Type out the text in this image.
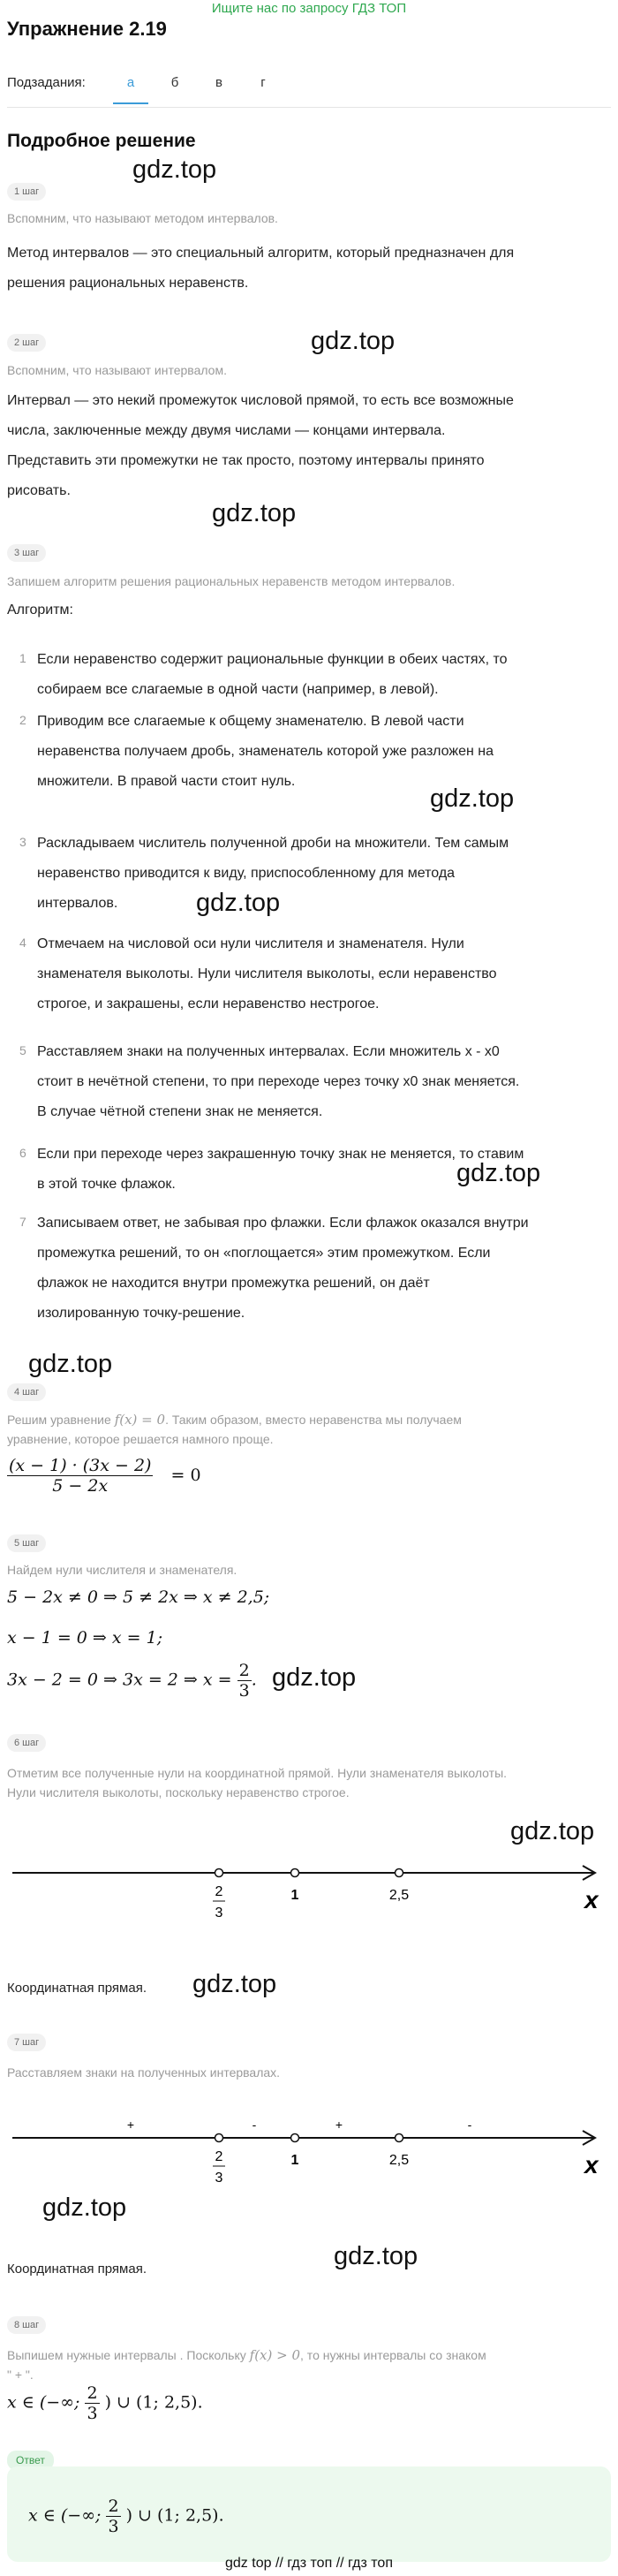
Ищите нас по запросу ГДЗ ТОП
Упражнение 2.19
Подзадания:	а	б	в	г
Подробное решение
1 шаг
gdz.top
Вспомним, что называют методом интервалов.
Метод интервалов — это специальный алгоритм, который предназначен для
решения рациональных неравенств.
2 шаг	gdz.top
Вспомним, что называют интервалом.
Интервал — это некий промежуток числовой прямой, то есть все возможные
числа, заключенные между двумя числами — концами интервала.
Представить эти промежутки не так просто, поэтому интервалы принято
рисовать.
gdz.top
3 шаг
Запишем алгоритм решения рациональных неравенств методом интервалов.
Алгоритм:
1 Если неравенство содержит рациональные функции в обеих частях, то
собираем все слагаемые в одной части (например, в левой).
2 Приводим все слагаемые к общему знаменателю. В левой части
неравенства получаем дробь, знаменатель которой уже разложен на
множители. В правой части стоит нуль.
gdz.top
3 Раскладываем числитель полученной дроби на множители. Тем самым
неравенство приводится к виду, приспособленному для метода
интервалов.	gdz.top
4 Отмечаем на числовой оси нули числителя и знаменателя. Нули
знаменателя выколоты. Нули числителя выколоты, если неравенство
строгое, и закрашены, если неравенство нестрогое.
5 Расставляем знаки на полученных интервалах. Если множитель x - x0
стоит в нечётной степени, то при переходе через точку x0 знак меняется.
В случае чётной степени знак не меняется.
6 Если при переходе через закрашенную точку знак не меняется, то ставим
в этой точке флажок.	gdz.top
7 Записываем ответ, не забывая про флажки. Если флажок оказался внутри
промежутка решений, то он «поглощается» этим промежутком. Если
флажок не находится внутри промежутка решений, он даёт
изолированную точку-решение.
gdz.top
4 шаг
Решим уравнение f(x) = 0. Таким образом, вместо неравенства мы получаем
уравнение, которое решается намного проще.
$\frac{(x - 1) \cdot (3x - 2)}{5 - 2x} = 0$
5 шаг
Найдем нули числителя и знаменателя.
5 − 2x ≠ 0 ⇒ 5 ≠ 2x ⇒ x ≠ 2,5;
x − 1 = 0 ⇒ x = 1;
3x − 2 = 0 ⇒ 3x = 2 ⇒ $x = \frac{2}{3}$ . gdz.top
6 шаг
Отметим все полученные нули на координатной прямой. Нули знаменателя выколоты.
Нули числителя выколоты, поскольку неравенство строгое.
gdz.top
x
2
3
1	2,5
Координатная прямая. gdz.top
7 шаг
Расставляем знаки на полученных интервалах.
x
+	-	+	-
2
3
1	2,5
gdz.top
gdz.top
Координатная прямая.
8 шаг
Выпишем нужные интервалы . Поскольку f(x) > 0, то нужны интервалы со знаком
" + ".
x ∈ (−∞; $\frac{2}{3}$ ) ∪ (1; 2,5).
Ответ
x ∈ (−∞; $\frac{2}{3}$ ) ∪ (1; 2,5).
gdz top // гдз топ // гдз топ
